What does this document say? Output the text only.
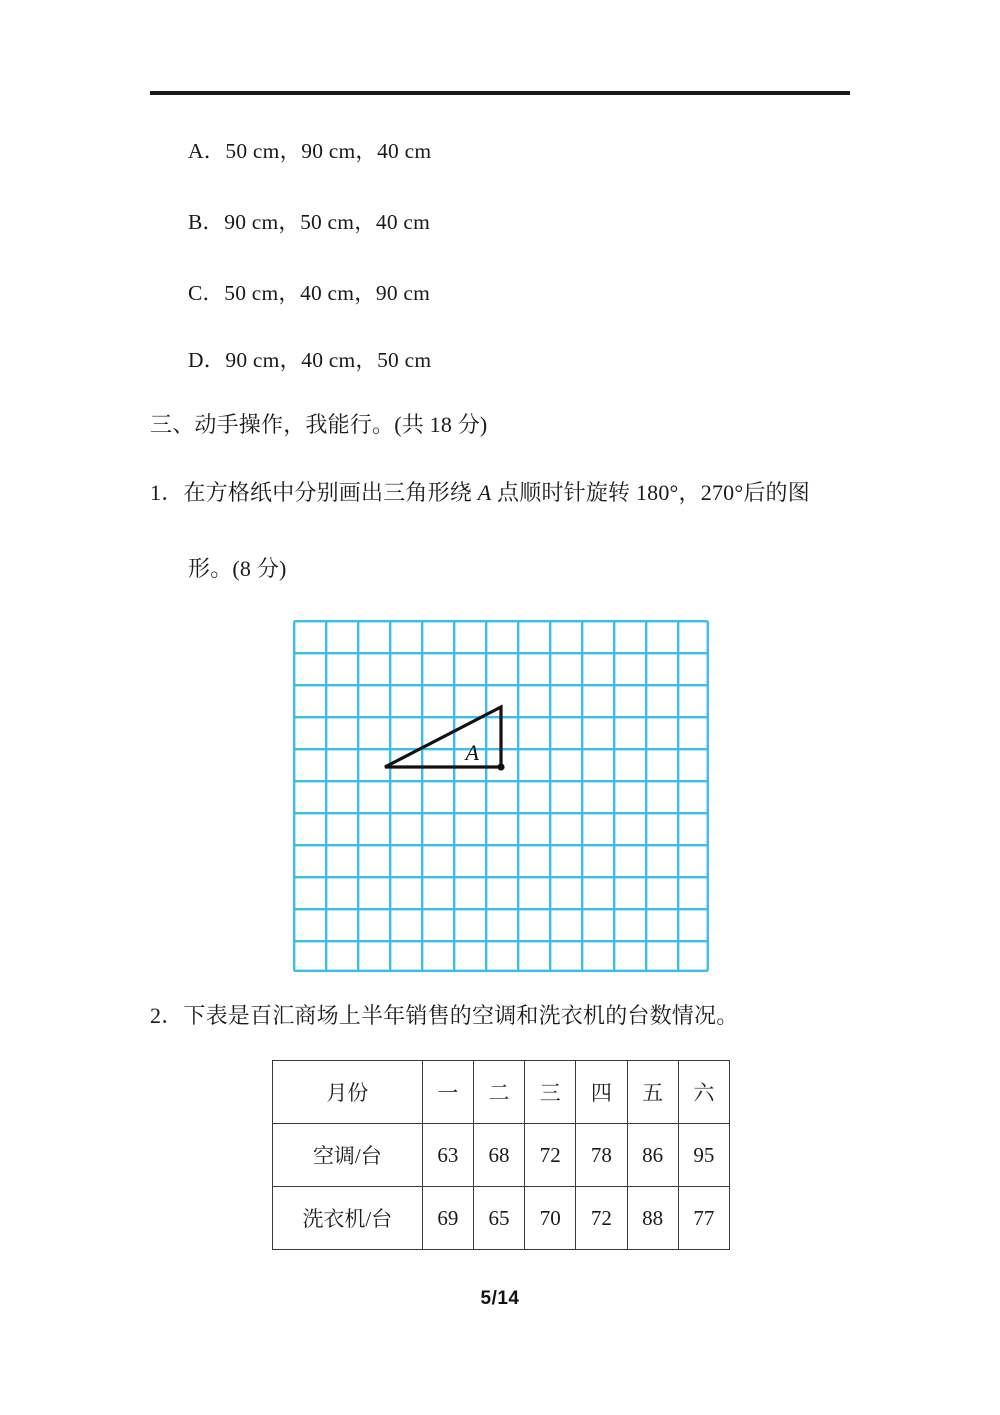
A．50 cm，90 cm，40 cm
B．90 cm，50 cm，40 cm
C．50 cm，40 cm，90 cm
D．90 cm，40 cm，50 cm
三、动手操作，我能行。(共 18 分)
1．在方格纸中分别画出三角形绕 A 点顺时针旋转 180°，270°后的图
形。(8 分)
A
2．下表是百汇商场上半年销售的空调和洗衣机的台数情况。
月份	一	二	三	四	五	六
空调/台	63	68	72	78	86	95
洗衣机/台	69	65	70	72	88	77
5/14
